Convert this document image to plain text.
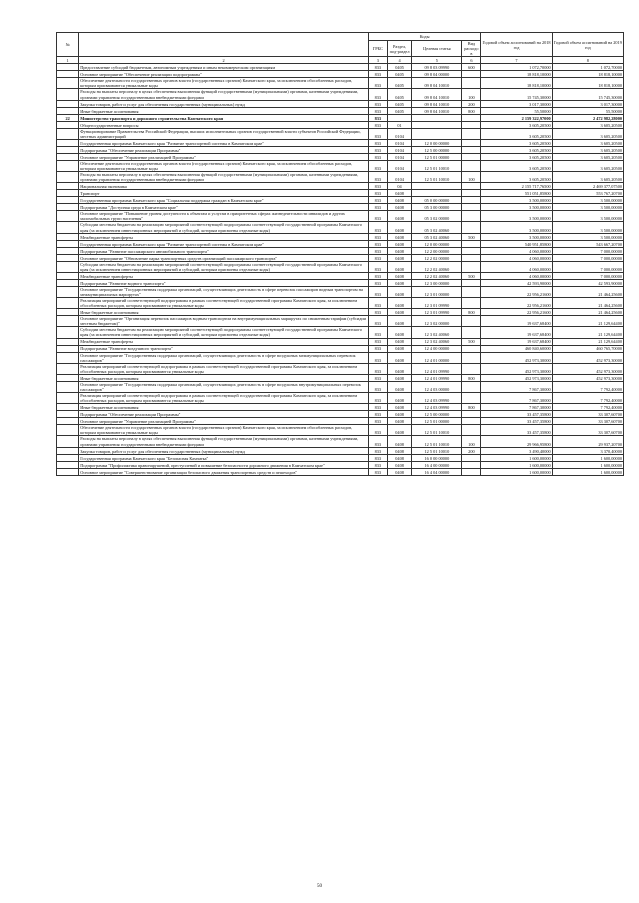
№		Коды				Годовой объем ассигнований на 2018 год	Годовой объем ассигнований на 2019 год
		ГРБС	Раздел, под-раздел	Целевая статья	Вид расходов		
1	2	3	4	5	6	7	8
	Предоставление субсидий бюджетным, автономным учреждениям и иным некоммерческим организациям	833	0405	09 8 03 09990	600	1 072,70000	1 072,70000
	Основное мероприятие "Обеспечение реализации подпрограммы"	833	0405	09 8 04 00000		18 818,10000	18 818,10000
	Обеспечение деятельности государственных органов власти (государственных органов) Камчатского края, за исключением обособленных расходов, которым присваиваются уникальные коды	833	0405	09 8 04 10010		18 818,10000	18 818,10000
	Расходы на выплаты персоналу в целях обеспечения выполнения функций государственными (муниципальными) органами, казенными учреждениями, органами управления государственными внебюджетными фондами	833	0405	09 8 04 10010	100	15 745,30000	15 745,30000
	Закупка товаров, работ и услуг для обеспечения государственных (муниципальных) нужд	833	0405	09 8 04 10010	200	3 017,30000	3 017,30000
	Иные бюджетные ассигнования	833	0405	09 8 04 10010	800	55,50000	55,50000
22	Министерство транспорта и дорожного строительства Камчатского края	833				2 159 322,97000	2 472 982,28000
	Общегосударственные вопросы	833	01			3 605,20500	3 605,20500
	Функционирование Правительства Российской Федерации, высших исполнительных органов государственной власти субъектов Российской Федерации, местных администраций	833	0104			3 605,20500	3 605,20500
	Государственная программа Камчатского края "Развитие транспортной системы в Камчатском крае"	833	0104	12 0 00 00000		3 605,20500	3 605,20500
	Подпрограмма "Обеспечение реализации Программы"	833	0104	12 5 00 00000		3 605,20500	3 605,20500
	Основное мероприятие "Управление реализацией Программы"	833	0104	12 5 01 00000		3 605,20500	3 605,20500
	Обеспечение деятельности государственных органов власти (государственных органов) Камчатского края, за исключением обособленных расходов, которым присваиваются уникальные коды	833	0104	12 5 01 10010		3 605,20500	3 605,20500
	Расходы на выплаты персоналу в целях обеспечения выполнения функций государственными (муниципальными) органами, казенными учреждениями, органами управления государственными внебюджетными фондами	833	0104	12 5 01 10010	100	3 605,20500	3 605,20500
	Национальная экономика	833	04			2 155 717,76500	2 469 377,07500
	Транспорт	833	0408			551 051,85800	553 767,20700
	Государственная программа Камчатского края "Социальная поддержка граждан в Камчатском крае"	833	0408	05 0 00 00000		3 500,00000	3 500,00000
	Подпрограмма "Доступная среда в Камчатском крае"	833	0408	05 3 00 00000		3 500,00000	3 500,00000
	Основное мероприятие "Повышение уровня доступности к объектам и услугам в приоритетных сферах жизнедеятельности инвалидов и других маломобильных групп населения"	833	0408	05 3 02 00000		3 500,00000	3 500,00000
	Субсидии местным бюджетам на реализацию мероприятий соответствующей подпрограммы соответствующей государственной программы Камчатского края (за исключением инвестиционных мероприятий и субсидий, которым присвоены отдельные коды)	833	0408	05 3 02 40060		3 500,00000	3 500,00000
	Межбюджетные трансферты	833	0408	05 3 02 40060	500	3 500,00000	3 500,00000
	Государственная программа Камчатского края "Развитие транспортной системы в Камчатском крае"	833	0408	12 0 00 00000		540 951,85800	543 667,20700
	Подпрограмма "Развитие пассажирского автомобильного транспорта"	833	0408	12 2 00 00000		4 060,00000	7 000,00000
	Основное мероприятие "Обновление парка транспортных средств организаций пассажирского транспорта"	833	0408	12 2 02 00000		4 060,00000	7 000,00000
	Субсидии местным бюджетам на реализацию мероприятий соответствующей подпрограммы соответствующей государственной программы Камчатского края (за исключением инвестиционных мероприятий и субсидий, которым присвоены отдельные коды)	833	0408	12 2 02 40060		4 060,00000	7 000,00000
	Межбюджетные трансферты	833	0408	12 2 02 40060	500	4 060,00000	7 000,00000
	Подпрограмма "Развитие водного транспорта"	833	0408	12 3 00 00000		42 593,90000	42 593,90000
	Основное мероприятие "Государственная поддержка организаций, осуществляющих деятельность в сфере перевозок пассажиров водным транспортом на межмуниципальных маршрутах"	833	0408	12 3 01 00000		22 956,21600	21 464,25600
	Реализация мероприятий соответствующей подпрограммы в рамках соответствующей государственной программы Камчатского края, за исключением обособленных расходов, которым присваиваются уникальные коды	833	0408	12 3 01 09990		22 956,21600	21 464,25600
	Иные бюджетные ассигнования	833	0408	12 3 01 09990	800	22 956,21600	21 464,25600
	Основное мероприятие "Организация перевозок пассажиров водным транспортом на внутримуниципальных маршрутах по сниженным тарифам (субсидии местным бюджетам)"	833	0408	12 3 02 00000		19 637,68400	21 129,64400
	Субсидии местным бюджетам на реализацию мероприятий соответствующей подпрограммы соответствующей государственной программы Камчатского края (за исключением инвестиционных мероприятий и субсидий, которым присвоены отдельные коды)	833	0408	12 3 02 40060		19 637,68400	21 129,64400
	Межбюджетные трансферты	833	0408	12 3 02 40060	500	19 637,68400	21 129,64400
	Подпрограмма "Развитие воздушного транспорта"	833	0408	12 4 00 00000		460 840,60000	460 765,70000
	Основное мероприятие "Государственная поддержка организаций, осуществляющих деятельность в сфере воздушных межмуниципальных перевозок пассажиров"	833	0408	12 4 01 00000		452 973,30000	452 973,30000
	Реализация мероприятий соответствующей подпрограммы в рамках соответствующей государственной программы Камчатского края, за исключением обособленных расходов, которым присваиваются уникальные коды	833	0408	12 4 01 09990		452 973,30000	452 973,30000
	Иные бюджетные ассигнования	833	0408	12 4 01 09990	800	452 973,30000	452 973,30000
	Основное мероприятие "Государственная поддержка организаций, осуществляющих деятельность в сфере воздушных внутримуниципальных перевозок пассажиров"	833	0408	12 4 03 00000		7 867,30000	7 792,40000
	Реализация мероприятий соответствующей подпрограммы в рамках соответствующей государственной программы Камчатского края, за исключением обособленных расходов, которым присваиваются уникальные коды	833	0408	12 4 03 09990		7 867,30000	7 792,40000
	Иные бюджетные ассигнования	833	0408	12 4 03 09990	800	7 867,30000	7 792,40000
	Подпрограмма "Обеспечение реализации Программы"	833	0408	12 5 00 00000		33 457,35800	33 307,60700
	Основное мероприятие "Управление реализацией Программы"	833	0408	12 5 01 00000		33 457,35800	33 307,60700
	Обеспечение деятельности государственных органов власти (государственных органов) Камчатского края, за исключением обособленных расходов, которым присваиваются уникальные коды	833	0408	12 5 01 10010		33 457,35800	33 307,60700
	Расходы на выплаты персоналу в целях обеспечения выполнения функций государственными (муниципальными) органами, казенными учреждениями, органами управления государственными внебюджетными фондами	833	0408	12 5 01 10010	100	29 966,95800	29 937,20700
	Закупка товаров, работ и услуг для обеспечения государственных (муниципальных) нужд	833	0408	12 5 01 10010	200	3 490,40000	3 370,40000
	Государственная программа Камчатского края "Безопасная Камчатка"	833	0408	16 0 00 00000		1 600,00000	1 600,00000
	Подпрограмма "Профилактика правонарушений, преступлений и повышение безопасности дорожного движения в Камчатском крае"	833	0408	16 4 00 00000		1 600,00000	1 600,00000
	Основное мероприятие "Совершенствование организации безопасного движения транспортных средств и пешеходов"	833	0408	16 4 04 00000		1 600,00000	1 600,00000
50
